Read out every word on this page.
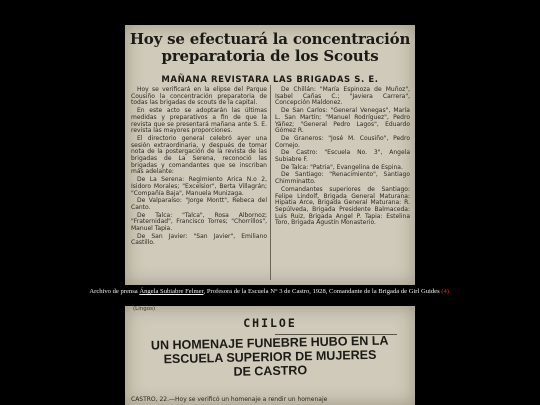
Hoy se efectuará la concentración
preparatoria de los Scouts
MAÑANA REVISTARA LAS BRIGADAS S. E.

Hoy se verificará en la elipse del Parque Cousiño la concentración preparatoria de todas las brigadas de scouts de la capital.

En este acto se adoptarán las últimas medidas y preparativos a fin de que la revista que se presentará mañana ante S. E. revista las mayores proporciones.

El directorio general celebró ayer una sesión extraordinaria, y después de tomar nota de la postergación de la revista de las brigadas de La Serena, reconoció las brigadas y comandantes que se inscriban más adelante:

De La Serena: Regimiento Arica N.o 2, Isidoro Morales; "Excelsior", Berta Villagrán; "Compañía Baja", Manuela Munizaga.

De Valparaíso: "Jorge Montt", Rebeca del Canto.

De Talca: "Talca", Rosa Albornoz; "Fraternidad", Francisco Torres; "Chorrillos", Manuel Tapia.

De San Javier: "San Javier", Emiliano Castillo.

De Chillán: "María Espinoza de Muñoz", Isabel Cañas C.; "Javiera Carrera", Concepción Maldonez.

De San Carlos: "General Venegas", María L. San Martín; "Manuel Rodríguez", Pedro Yáñez; "General Pedro Lagos", Eduardo Gómez R.

De Graneros: "José M. Cousiño", Pedro Cornejo.

De Castro: "Escuela No. 3", Angela Subiabre F.

De Talca: "Patria", Evangelina de Espina.

De Santiago: "Renacimiento", Santiago Chimminatto.

Comandantes superiores de Santiago: Felipe Lindolf, Brigada General Maturana: Hipatia Arce, Brigada General Maturana: R. Sepúlveda, Brigada Presidente Balmaceda: Luis Ruiz, Brigada Angel P. Tapia: Estelina Toro, Brigada Agustín Monasterio.

Archivo de prensa Ángela Subiabre Felmer, Profesora de la Escuela N° 3 de Castro, 1928, Comandante de la Brigada de Girl Guides (4).
(Lingos)
CHILOE
UN HOMENAJE FUNEBRE HUBO EN LA
ESCUELA SUPERIOR DE MUJERES
DE CASTRO
CASTRO, 22.—Hoy se verificó un homenaje a rendir un homenaje
